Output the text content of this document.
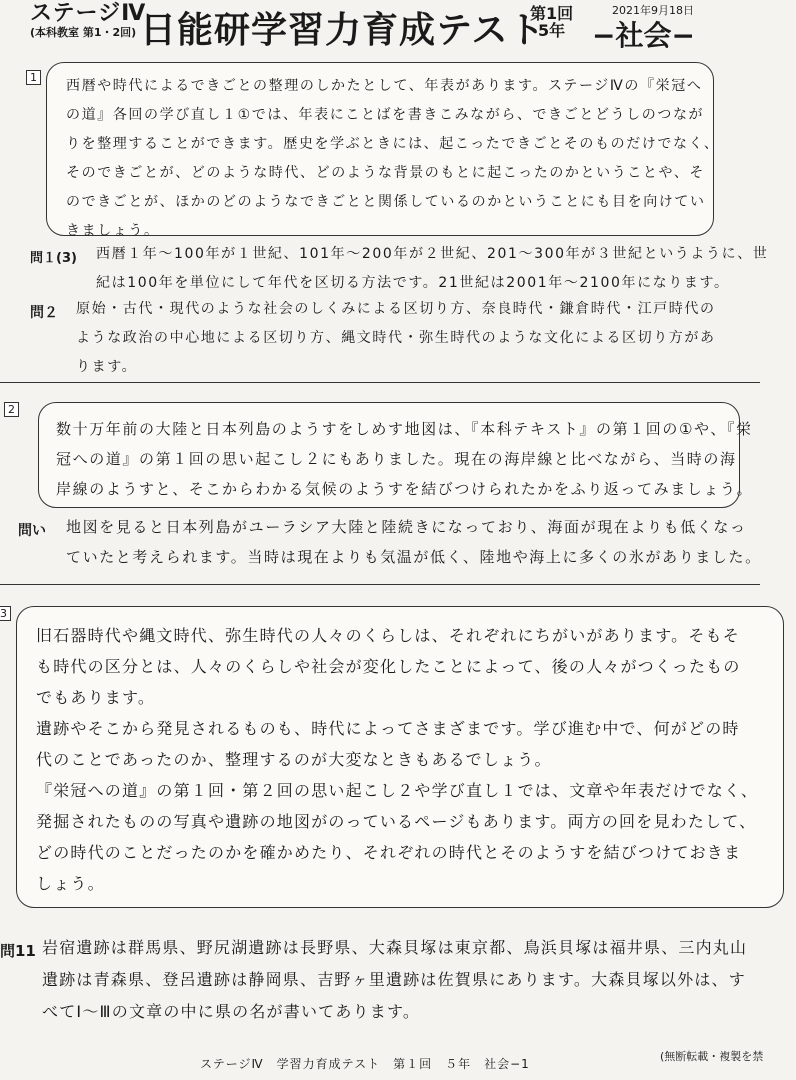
ステージⅣ
(本科教室 第1・2回) 日能研学習力育成テスト
第1回
5年
2021年9月18日
−社会−
1
西暦や時代によるできごとの整理のしかたとして、年表があります。ステージⅣの『栄冠へ
の道』各回の学び直し１①では、年表にことばを書きこみながら、できごとどうしのつなが
りを整理することができます。歴史を学ぶときには、起こったできごとそのものだけでなく、
そのできごとが、どのような時代、どのような背景のもとに起こったのかということや、そ
のできごとが、ほかのどのようなできごとと関係しているのかということにも目を向けてい
きましょう。
問１(3) 西暦１年〜100年が１世紀、101年〜200年が２世紀、201〜300年が３世紀というように、世
紀は100年を単位にして年代を区切る方法です。21世紀は2001年〜2100年になります。
問２ 原始・古代・現代のような社会のしくみによる区切り方、奈良時代・鎌倉時代・江戸時代の
ような政治の中心地による区切り方、縄文時代・弥生時代のような文化による区切り方があ
ります。
2
数十万年前の大陸と日本列島のようすをしめす地図は、『本科テキスト』の第１回の①や、『栄
冠への道』の第１回の思い起こし２にもありました。現在の海岸線と比べながら、当時の海
岸線のようすと、そこからわかる気候のようすを結びつけられたかをふり返ってみましょう。
問い 地図を見ると日本列島がユーラシア大陸と陸続きになっており、海面が現在よりも低くなっ
ていたと考えられます。当時は現在よりも気温が低く、陸地や海上に多くの氷がありました。
3
旧石器時代や縄文時代、弥生時代の人々のくらしは、それぞれにちがいがあります。そもそ
も時代の区分とは、人々のくらしや社会が変化したことによって、後の人々がつくったもの
でもあります。
遺跡やそこから発見されるものも、時代によってさまざまです。学び進む中で、何がどの時
代のことであったのか、整理するのが大変なときもあるでしょう。
『栄冠への道』の第１回・第２回の思い起こし２や学び直し１では、文章や年表だけでなく、
発掘されたものの写真や遺跡の地図がのっているページもあります。両方の回を見わたして、
どの時代のことだったのかを確かめたり、それぞれの時代とそのようすを結びつけておきま
しょう。
問11 岩宿遺跡は群馬県、野尻湖遺跡は長野県、大森貝塚は東京都、鳥浜貝塚は福井県、三内丸山
遺跡は青森県、登呂遺跡は静岡県、吉野ヶ里遺跡は佐賀県にあります。大森貝塚以外は、す
べてⅠ〜Ⅲの文章の中に県の名が書いてあります。
ステージⅣ　学習力育成テスト　第１回　５年　社会−1
(無断転載・複製を禁
